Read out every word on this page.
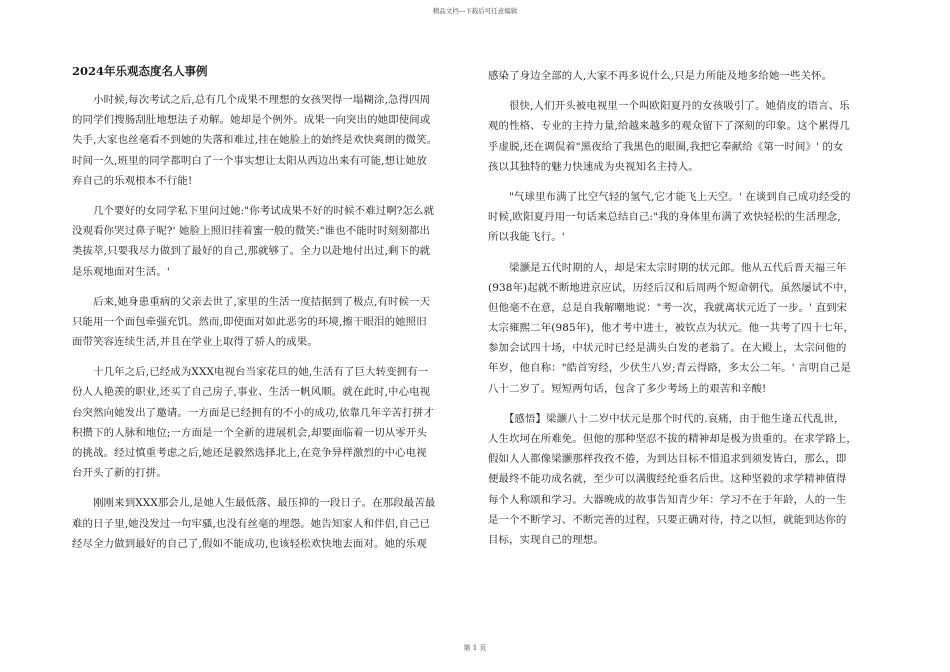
精品文档---下载后可任意编辑
2024年乐观态度名人事例
　　小时候,每次考试之后,总有几个成果不理想的女孩哭得一塌糊涂,急得四周
的同学们搜肠刮肚地想法子劝解。她却是个例外。成果一向突出的她即使间或
失手,大家也丝毫看不到她的失落和难过,挂在她脸上的始终是欢快爽朗的微笑。
时间一久,班里的同学都明白了一个事实想让太阳从西边出来有可能,想让她放
弃自己的乐观根本不行能!
　　几个要好的女同学私下里问过她:"你考试成果不好的时候不难过啊?怎么就
没观看你哭过鼻子呢?' 她脸上照旧挂着蜜一般的微笑:"谁也不能时时刻刻都出
类拔萃,只要我尽力做到了最好的自己,那就够了。全力以赴地付出过,剩下的就
是乐观地面对生活。'
　　后来,她身患重病的父亲去世了,家里的生活一度拮据到了极点,有时候一天
只能用一个面包牵强充饥。然而,即使面对如此恶劣的环境,擦干眼泪的她照旧
面带笑容连续生活,并且在学业上取得了骄人的成果。
　　十几年之后,已经成为XXX电视台当家花旦的她,生活有了巨大转变拥有一
份人人艳羡的职业,还买了自己房子,事业、生活一帆风顺。就在此时,中心电视
台突然向她发出了邀请。一方面是已经拥有的不小的成功,依靠几年辛苦打拼才
积攒下的人脉和地位;一方面是一个全新的进展机会,却要面临着一切从零开头
的挑战。经过慎重考虑之后,她还是毅然选择北上,在竞争异样激烈的中心电视
台开头了新的打拼。
　　刚刚来到XXX那会儿,是她人生最低落、最压抑的一段日子。在那段最苦最
难的日子里,她没发过一句牢骚,也没有丝毫的埋怨。她告知家人和伴侣,自己已
经尽全力做到最好的自己了,假如不能成功,也该轻松欢快地去面对。她的乐观
感染了身边全部的人,大家不再多说什么,只是力所能及地多给她一些关怀。
　　很快,人们开头被电视里一个叫欧阳夏丹的女孩吸引了。她俏皮的语言、乐
观的性格、专业的主持力量,给越来越多的观众留下了深刻的印象。这个累得几
乎虚脱,还在调侃着"黑夜给了我黑色的眼圈,我把它奉献给《第一时间》' 的女
孩以其独特的魅力快速成为央视知名主持人。
　　"气球里布满了比空气轻的氢气,它才能飞上天空。' 在谈到自己成功经受的
时候,欧阳夏丹用一句话来总结自己:"我的身体里布满了欢快轻松的生活理念,
所以我能飞行。'
　　梁灏是五代时期的人，却是宋太宗时期的状元郎。他从五代后晋天福三年
(938年)起就不断地进京应试，历经后汉和后周两个短命朝代。虽然屡试不中，
但他毫不在意，总是自我解嘲地说："考一次，我就离状元近了一步。' 直到宋
太宗雍熙二年(985年)，他才考中进士，被钦点为状元。他一共考了四十七年，
参加会试四十场，中状元时已经是满头白发的老翁了。在大殿上，太宗问他的
年岁，他自称："皓首穷经，少伏生八岁;青云得路，多太公二年。' 言明自己是
八十二岁了。短短两句话，包含了多少考场上的艰苦和辛酸!
　　【感悟】梁灏八十二岁中状元是那个时代的.哀痛，由于他生逢五代乱世，
人生坎坷在所难免。但他的那种坚忍不拔的精神却是极为贵重的。在求学路上，
假如人人都像梁灏那样孜孜不倦，为到达目标不惜追求到须发皆白，那么，即
便最终不能功成名就，至少可以满腹经纶垂名后世。这种坚毅的求学精神值得
每个人称颂和学习。大器晚成的故事告知青少年：学习不在于年龄，人的一生
是一个不断学习、不断完善的过程，只要正确对待，持之以恒，就能到达你的
目标，实现自己的理想。
第 1 页
